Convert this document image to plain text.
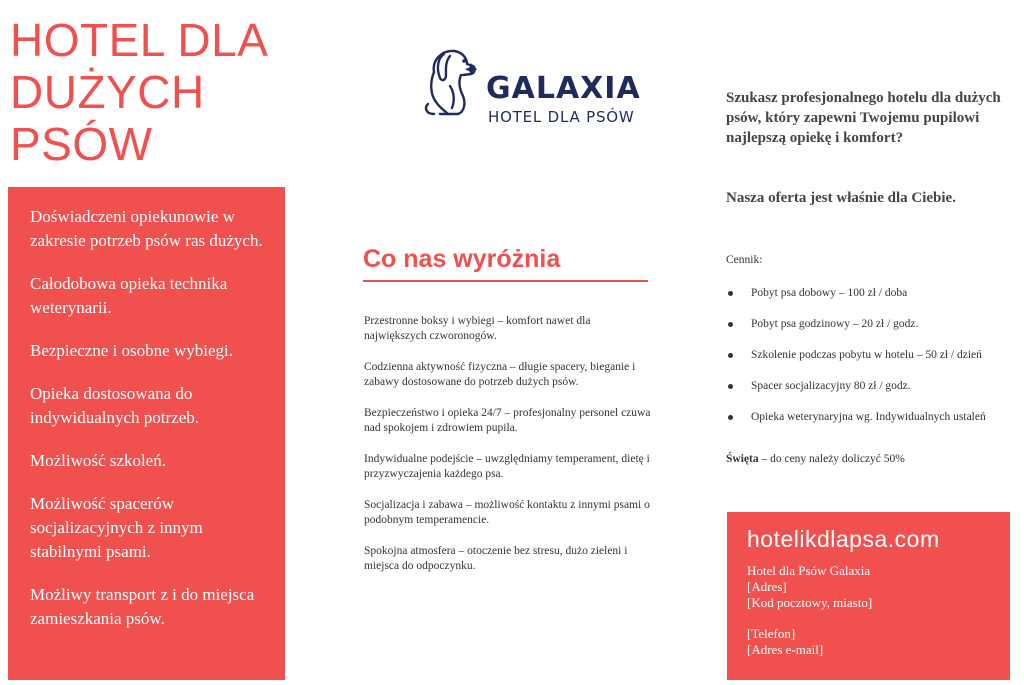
HOTEL DLA
DUŻYCH
PSÓW

Doświadczeni opiekunowie w zakresie potrzeb psów ras dużych.

Całodobowa opieka technika weterynarii.

Bezpieczne i osobne wybiegi.

Opieka dostosowana do indywidualnych potrzeb.

Możliwość szkoleń.

Możliwość spacerów socjalizacyjnych z innym stabilnymi psami.

Możliwy transport z i do miejsca zamieszkania psów.

GALAXIA
HOTEL DLA PSÓW
Co nas wyróżnia

Przestronne boksy i wybiegi – komfort nawet dla największych czworonogów.

Codzienna aktywność fizyczna – długie spacery, bieganie i zabawy dostosowane do potrzeb dużych psów.

Bezpieczeństwo i opieka 24/7 – profesjonalny personel czuwa nad spokojem i zdrowiem pupila.

Indywidualne podejście – uwzględniamy temperament, dietę i przyzwyczajenia każdego psa.

Socjalizacja i zabawa – możliwość kontaktu z innymi psami o podobnym temperamencie.

Spokojna atmosfera – otoczenie bez stresu, dużo zieleni i miejsca do odpoczynku.

Szukasz profesjonalnego hotelu dla dużych psów, który zapewni Twojemu pupilowi najlepszą opiekę i komfort?

Nasza oferta jest właśnie dla Ciebie.

Cennik:

Pobyt psa dobowy – 100 zł / doba
Pobyt psa godzinowy – 20 zł / godz.
Szkolenie podczas pobytu w hotelu – 50 zł / dzień
Spacer socjalizacyjny 80 zł / godz.
Opieka weterynaryjna wg. Indywidualnych ustaleń

Święta – do ceny należy doliczyć 50%

hotelikdlapsa.com
Hotel dla Psów Galaxia
[Adres]
[Kod pocztowy, miasto]
[Telefon]
[Adres e-mail]
